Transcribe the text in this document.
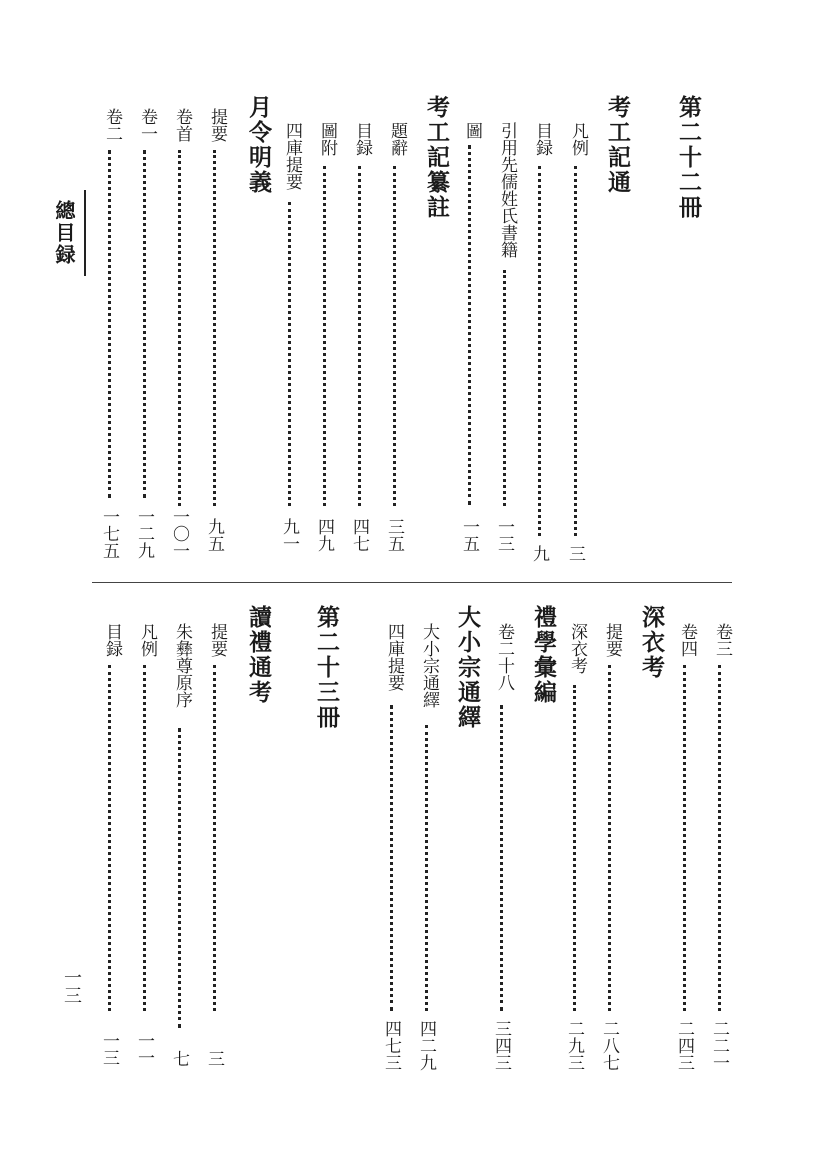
總目録
一三
第二十二冊
考工記通
凡例
三
目録
九
引用先儒姓氏書籍
一三
圖
一五
考工記纂註
題辭
三五
目録
四七
圖附
四九
四庫提要
九一
月令明義
提要
九五
卷首
一〇一
卷一
一二九
卷二
一七五
卷三
二二一
卷四
二四三
深衣考
提要
二八七
深衣考
二九三
禮學彙編
卷二十八
三四三
大小宗通繹
大小宗通繹
四二九
四庫提要
四七三
第二十三冊
讀禮通考
提要
三
朱彝尊原序
七
凡例
一一
目録
一三
